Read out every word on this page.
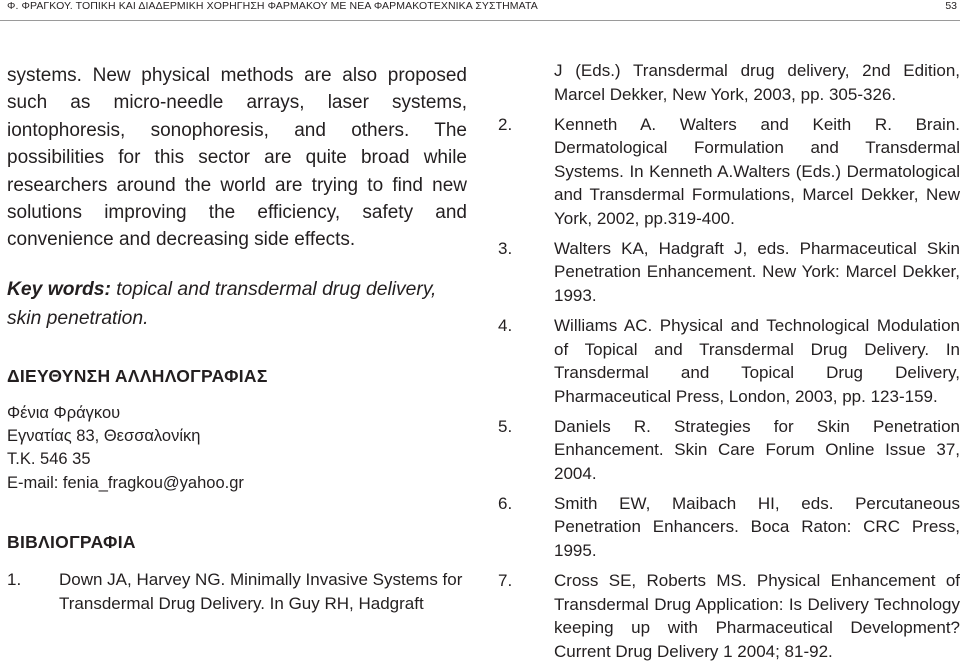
Φ. ΦΡΑΓΚΟΥ. ΤΟΠΙΚΗ ΚΑΙ ΔΙΑΔΕΡΜΙΚΗ ΧΟΡΗΓΗΣΗ ΦΑΡΜΑΚΟΥ ΜΕ ΝΕΑ ΦΑΡΜΑΚΟΤΕΧΝΙΚΑ ΣΥΣΤΗΜΑΤΑ	53

systems. New physical methods are also proposed such as micro-needle arrays, laser systems, iontophoresis, sonophoresis, and others. The possibilities for this sector are quite broad while researchers around the world are trying to find new solutions improving the efficiency, safety and convenience and decreasing side effects.

Key words: topical and transdermal drug delivery, skin penetration.

ΔΙΕΥΘΥΝΣΗ ΑΛΛΗΛΟΓΡΑΦΙΑΣ
Φένια Φράγκου
Εγνατίας 83, Θεσσαλονίκη
Τ.Κ. 546 35
E-mail: fenia_fragkou@yahoo.gr
ΒΙΒΛΙΟΓΡΑΦΙΑ
1. Down JA, Harvey NG. Minimally Invasive Systems for Transdermal Drug Delivery. In Guy RH, Hadgraft
J (Eds.) Transdermal drug delivery, 2nd Edition, Marcel Dekker, New York, 2003, pp. 305-326.
2. Kenneth A. Walters and Keith R. Brain. Dermatological Formulation and Transdermal Systems. In Kenneth A.Walters (Eds.) Dermatological and Transdermal Formulations, Marcel Dekker, New York, 2002, pp.319-400.
3. Walters KA, Hadgraft J, eds. Pharmaceutical Skin Penetration Enhancement. New York: Marcel Dekker, 1993.
4. Williams AC. Physical and Technological Modulation of Topical and Transdermal Drug Delivery. In Transdermal and Topical Drug Delivery, Pharmaceutical Press, London, 2003, pp. 123-159.
5. Daniels R. Strategies for Skin Penetration Enhancement. Skin Care Forum Online Issue 37, 2004.
6. Smith EW, Maibach HI, eds. Percutaneous Penetration Enhancers. Boca Raton: CRC Press, 1995.
7. Cross SE, Roberts MS. Physical Enhancement of Transdermal Drug Application: Is Delivery Technology keeping up with Pharmaceutical Development? Current Drug Delivery 1 2004; 81-92.
